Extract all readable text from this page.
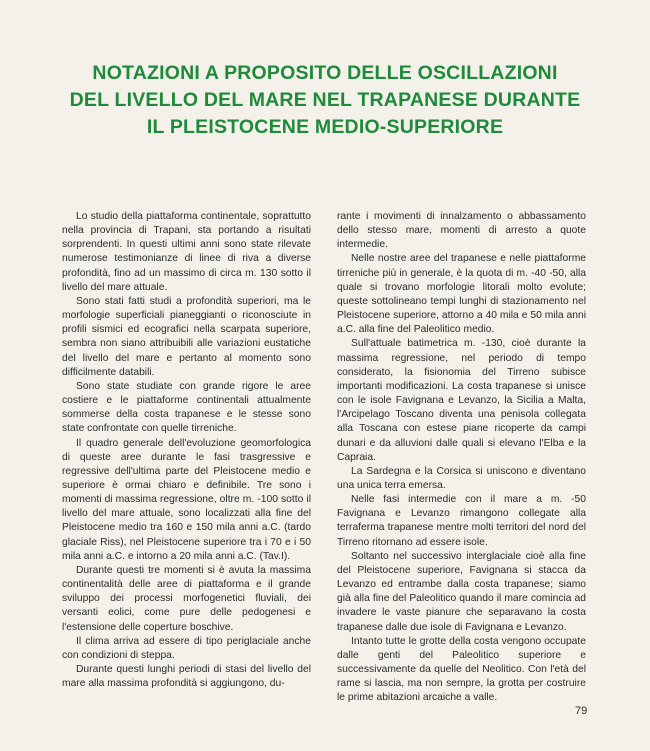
NOTAZIONI A PROPOSITO DELLE OSCILLAZIONI
DEL LIVELLO DEL MARE NEL TRAPANESE DURANTE
IL PLEISTOCENE MEDIO-SUPERIORE

Lo studio della piattaforma continentale, soprattutto nella provincia di Trapani, sta portando a risultati sorprendenti. In questi ultimi anni sono state rilevate numerose testimonianze di linee di riva a diverse profondità, fino ad un massimo di circa m. 130 sotto il livello del mare attuale.

Sono stati fatti studi a profondità superiori, ma le morfologie superficiali pianeggianti o riconosciute in profili sismici ed ecografici nella scarpata superiore, sembra non siano attribuibili alle variazioni eustatiche del livello del mare e pertanto al momento sono difficilmente databili.

Sono state studiate con grande rigore le aree costiere e le piattaforme continentali attualmente sommerse della costa trapanese e le stesse sono state confrontate con quelle tirreniche.

Il quadro generale dell'evoluzione geomorfologica di queste aree durante le fasi trasgressive e regressive dell'ultima parte del Pleistocene medio e superiore è ormai chiaro e definibile. Tre sono i momenti di massima regressione, oltre m. -100 sotto il livello del mare attuale, sono localizzati alla fine del Pleistocene medio tra 160 e 150 mila anni a.C. (tardo glaciale Riss), nel Pleistocene superiore tra i 70 e i 50 mila anni a.C. e intorno a 20 mila anni a.C. (Tav.I).

Durante questi tre momenti si è avuta la massima continentalità delle aree di piattaforma e il grande sviluppo dei processi morfogenetici fluviali, dei versanti eolici, come pure delle pedogenesi e l'estensione delle coperture boschive.

Il clima arriva ad essere di tipo periglaciale anche con condizioni di steppa.

Durante questi lunghi periodi di stasi del livello del mare alla massima profondità si aggiungono, du-

rante i movimenti di innalzamento o abbassamento dello stesso mare, momenti di arresto a quote intermedie.

Nelle nostre aree del trapanese e nelle piattaforme tirreniche più in generale, è la quota di m. -40 -50, alla quale si trovano morfologie litorali molto evolute; queste sottolineano tempi lunghi di stazionamento nel Pleistocene superiore, attorno a 40 mila e 50 mila anni a.C. alla fine del Paleolitico medio.

Sull'attuale batimetrica m. -130, cioè durante la massima regressione, nel periodo di tempo considerato, la fisionomia del Tirreno subisce importanti modificazioni. La costa trapanese si unisce con le isole Favignana e Levanzo, la Sicilia a Malta, l'Arcipelago Toscano diventa una penisola collegata alla Toscana con estese piane ricoperte da campi dunari e da alluvioni dalle quali si elevano l'Elba e la Capraia.

La Sardegna e la Corsica si uniscono e diventano una unica terra emersa.

Nelle fasi intermedie con il mare a m. -50 Favignana e Levanzo rimangono collegate alla terraferma trapanese mentre molti territori del nord del Tirreno ritornano ad essere isole.

Soltanto nel successivo interglaciale cioè alla fine del Pleistocene superiore, Favignana si stacca da Levanzo ed entrambe dalla costa trapanese; siamo già alla fine del Paleolitico quando il mare comincia ad invadere le vaste pianure che separavano la costa trapanese dalle due isole di Favignana e Levanzo.

Intanto tutte le grotte della costa vengono occupate dalle genti del Paleolitico superiore e successivamente da quelle del Neolitico. Con l'età del rame si lascia, ma non sempre, la grotta per costruire le prime abitazioni arcaiche a valle.

79
